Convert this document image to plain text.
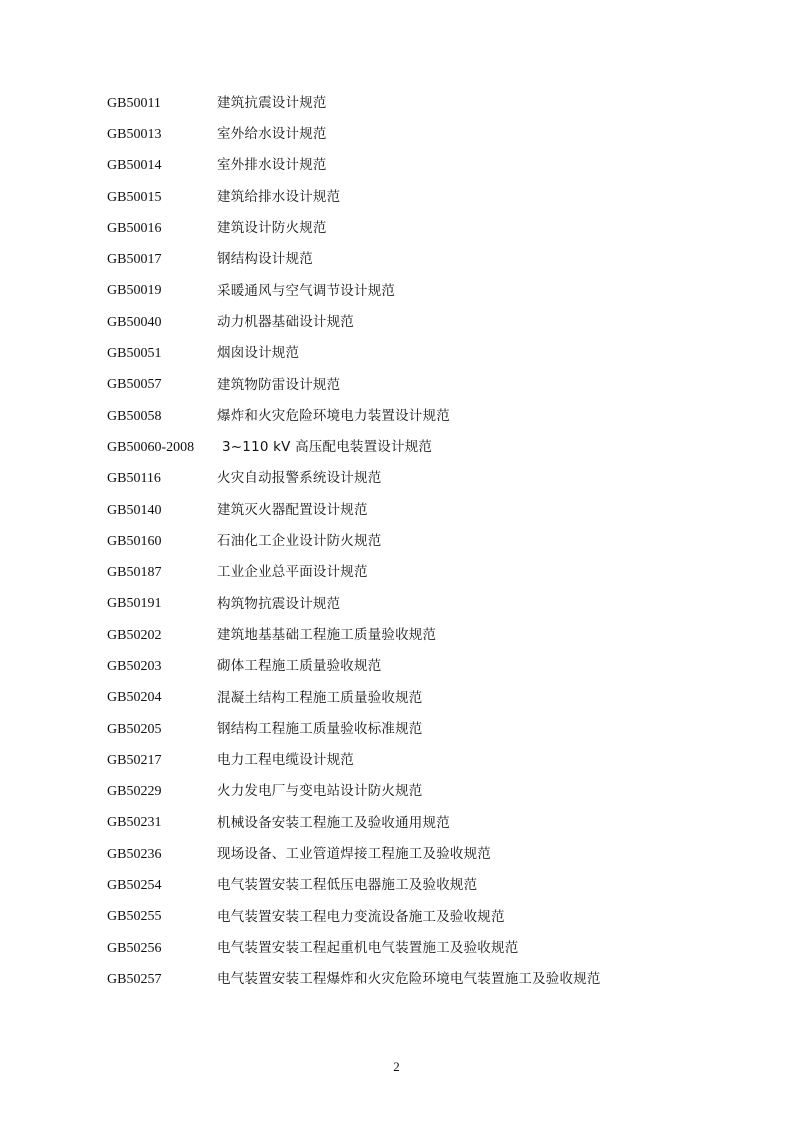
GB50011	建筑抗震设计规范
GB50013	室外给水设计规范
GB50014	室外排水设计规范
GB50015	建筑给排水设计规范
GB50016	建筑设计防火规范
GB50017	钢结构设计规范
GB50019	采暖通风与空气调节设计规范
GB50040	动力机器基础设计规范
GB50051	烟囱设计规范
GB50057	建筑物防雷设计规范
GB50058	爆炸和火灾危险环境电力装置设计规范
GB50060-2008	3~110 kV 高压配电装置设计规范
GB50116	火灾自动报警系统设计规范
GB50140	建筑灭火器配置设计规范
GB50160	石油化工企业设计防火规范
GB50187	工业企业总平面设计规范
GB50191	构筑物抗震设计规范
GB50202	建筑地基基础工程施工质量验收规范
GB50203	砌体工程施工质量验收规范
GB50204	混凝土结构工程施工质量验收规范
GB50205	钢结构工程施工质量验收标准规范
GB50217	电力工程电缆设计规范
GB50229	火力发电厂与变电站设计防火规范
GB50231	机械设备安装工程施工及验收通用规范
GB50236	现场设备、工业管道焊接工程施工及验收规范
GB50254	电气装置安装工程低压电器施工及验收规范
GB50255	电气装置安装工程电力变流设备施工及验收规范
GB50256	电气装置安装工程起重机电气装置施工及验收规范
GB50257	电气装置安装工程爆炸和火灾危险环境电气装置施工及验收规范
2
